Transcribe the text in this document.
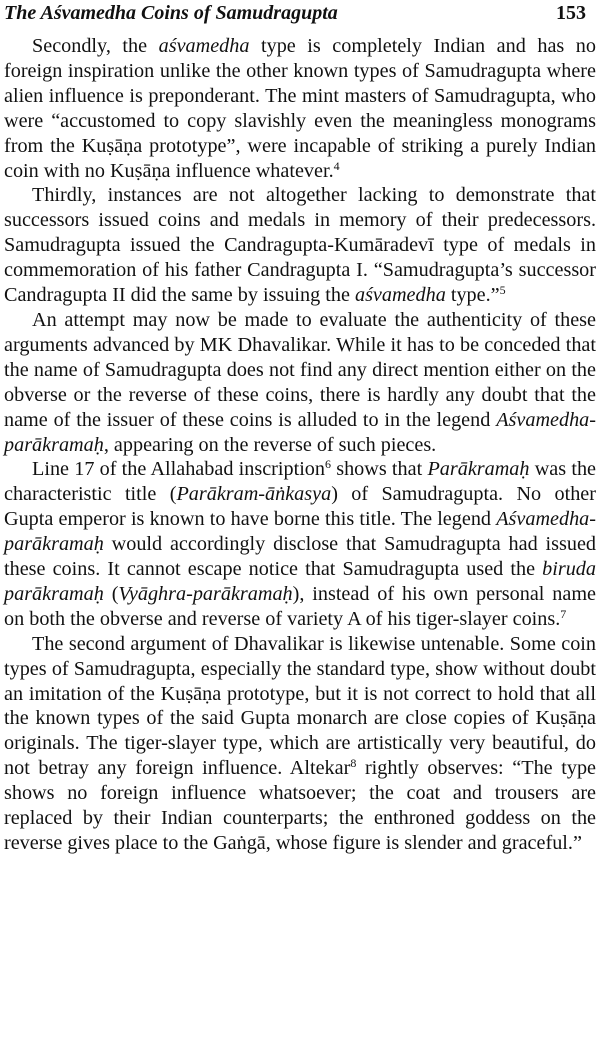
The Aśvamedha Coins of Samudragupta	153

Secondly, the aśvamedha type is completely Indian and has no foreign inspiration unlike the other known types of Samudragupta where alien influence is preponderant. The mint masters of Samudragupta, who were “accustomed to copy slavishly even the meaningless monograms from the Kuṣāṇa prototype”, were incapable of striking a purely Indian coin with no Kuṣāṇa influence whatever.$^4$

Thirdly, instances are not altogether lacking to demonstrate that successors issued coins and medals in memory of their predecessors. Samudragupta issued the Candragupta-Kumāradevī type of medals in commemoration of his father Candragupta I. “Samudragupta’s successor Candragupta II did the same by issuing the aśvamedha type.”$^5$

An attempt may now be made to evaluate the authenticity of these arguments advanced by MK Dhavalikar. While it has to be conceded that the name of Samudragupta does not find any direct mention either on the obverse or the reverse of these coins, there is hardly any doubt that the name of the issuer of these coins is alluded to in the legend Aśvamedha-parākramaḥ, appearing on the reverse of such pieces.

Line 17 of the Allahabad inscription$^6$ shows that Parākramaḥ was the characteristic title (Parākram-āṅkasya) of Samudragupta. No other Gupta emperor is known to have borne this title. The legend Aśvamedha-parākramaḥ would accordingly disclose that Samudragupta had issued these coins. It cannot escape notice that Samudragupta used the biruda parākramaḥ (Vyāghra-parākramaḥ), instead of his own personal name on both the obverse and reverse of variety A of his tiger-slayer coins.$^7$

The second argument of Dhavalikar is likewise untenable. Some coin types of Samudragupta, especially the standard type, show without doubt an imitation of the Kuṣāṇa prototype, but it is not correct to hold that all the known types of the said Gupta monarch are close copies of Kuṣāṇa originals. The tiger-slayer type, which are artistically very beautiful, do not betray any foreign influence. Altekar$^8$ rightly observes: “The type shows no foreign influence whatsoever; the coat and trousers are replaced by their Indian counterparts; the enthroned goddess on the reverse gives place to the Gaṅgā, whose figure is slender and graceful.”
